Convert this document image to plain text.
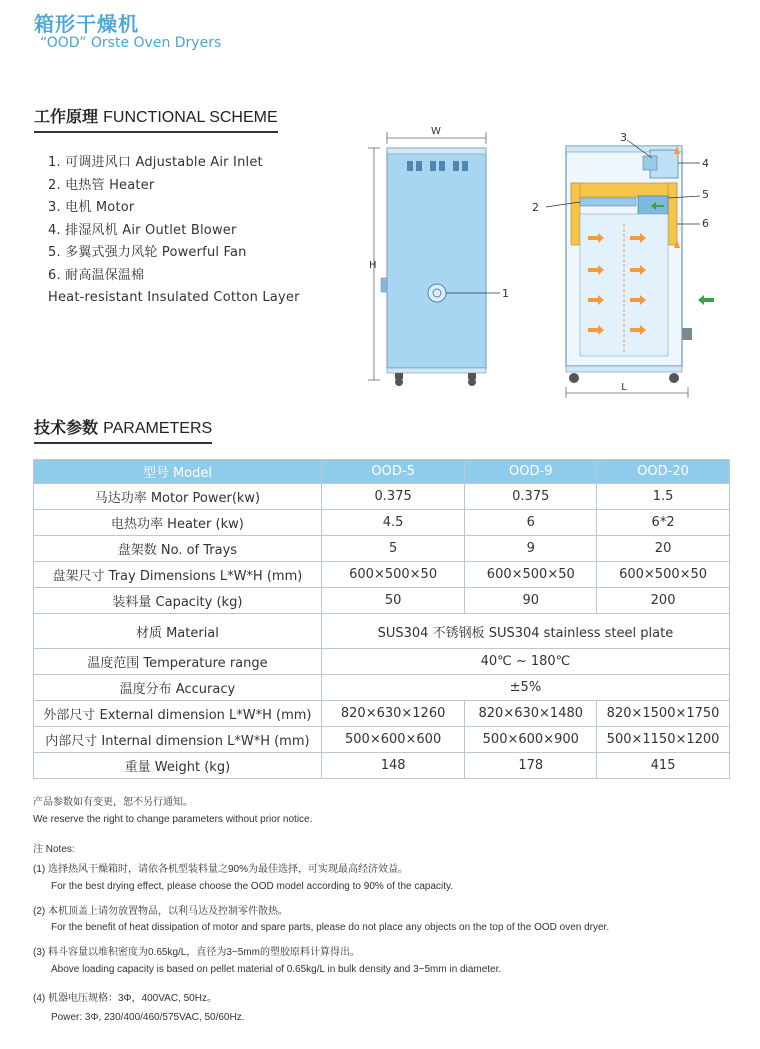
箱形干燥机
“OOD” Orste Oven Dryers
工作原理 FUNCTIONAL SCHEME
1. 可调进风口 Adjustable Air Inlet
2. 电热管 Heater
3. 电机 Motor
4. 排湿风机 Air Outlet Blower
5. 多翼式强力风轮 Powerful Fan
6. 耐高温保温棉
Heat-resistant Insulated Cotton Layer
W
H
1
L
3
4
5
6
2
技术参数 PARAMETERS
型号 Model	OOD-5	OOD-9	OOD-20
马达功率 Motor Power(kw)	0.375	0.375	1.5
电热功率 Heater (kw)	4.5	6	6*2
盘架数 No. of Trays	5	9	20
盘架尺寸 Tray Dimensions L*W*H (mm)	600×500×50	600×500×50	600×500×50
装料量 Capacity (kg)	50	90	200
材质 Material	SUS304 不锈钢板 SUS304 stainless steel plate		
温度范围 Temperature range	40℃ ~ 180℃		
温度分布 Accuracy	±5%		
外部尺寸 External dimension L*W*H (mm)	820×630×1260	820×630×1480	820×1500×1750
内部尺寸 Internal dimension L*W*H (mm)	500×600×600	500×600×900	500×1150×1200
重量 Weight (kg)	148	178	415
产品参数如有变更，恕不另行通知。
We reserve the right to change parameters without prior notice.
注 Notes:
(1) 选择热风干燥箱时，请依各机型装料量之90%为最佳选择，可实现最高经济效益。
For the best drying effect, please choose the OOD model according to 90% of the capacity.
(2) 本机顶盖上请勿放置物品，以利马达及控制零件散热。
For the benefit of heat dissipation of motor and spare parts, please do not place any objects on the top of the OOD oven dryer.
(3) 料斗容量以堆积密度为0.65kg/L，直径为3~5mm的塑胶原料计算得出。
Above loading capacity is based on pellet material of 0.65kg/L in bulk density and 3~5mm in diameter.
(4) 机器电压规格：3Φ，400VAC, 50Hz。
Power: 3Φ, 230/400/460/575VAC, 50/60Hz.
